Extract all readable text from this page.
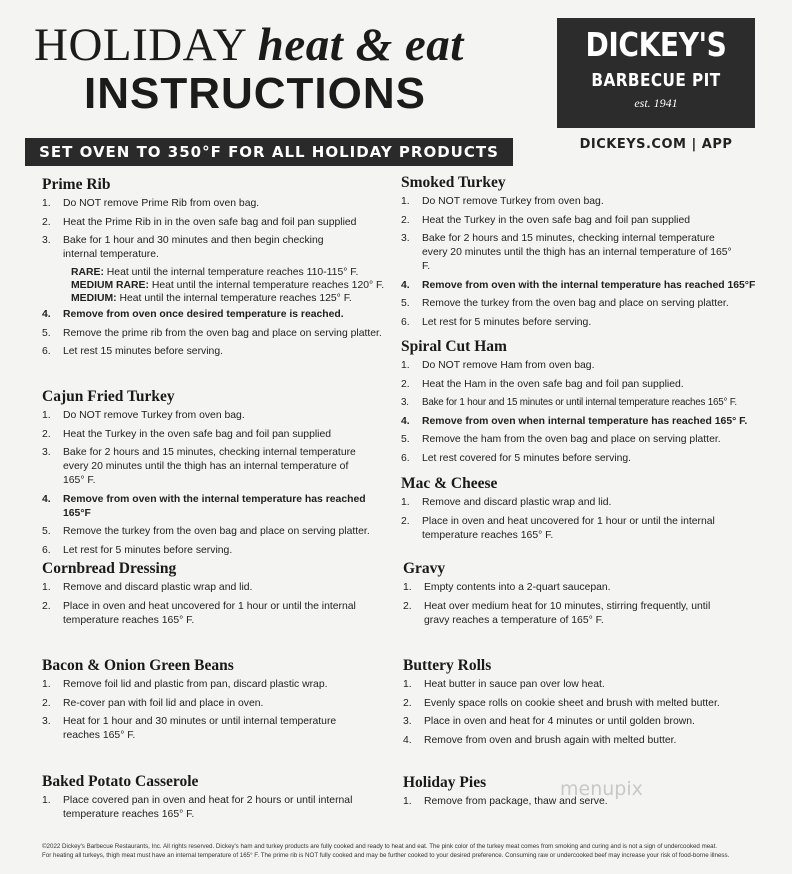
HOLIDAY heat & eat
INSTRUCTIONS
SET OVEN TO 350°F FOR ALL HOLIDAY PRODUCTS
DICKEY'S
BARBECUE PIT
est. 1941
DICKEYS.COM | APP
Prime Rib
1. Do NOT remove Prime Rib from oven bag.
2. Heat the Prime Rib in in the oven safe bag and foil pan supplied
3. Bake for 1 hour and 30 minutes and then begin checking internal temperature.
RARE: Heat until the internal temperature reaches 110-115° F.
MEDIUM RARE: Heat until the internal temperature reaches 120° F.
MEDIUM: Heat until the internal temperature reaches 125° F.
4. Remove from oven once desired temperature is reached.
5. Remove the prime rib from the oven bag and place on serving platter.
6. Let rest 15 minutes before serving.
Cajun Fried Turkey
1. Do NOT remove Turkey from oven bag.
2. Heat the Turkey in the oven safe bag and foil pan supplied
3. Bake for 2 hours and 15 minutes, checking internal temperature every 20 minutes until the thigh has an internal temperature of 165° F.
4. Remove from oven with the internal temperature has reached 165°F
5. Remove the turkey from the oven bag and place on serving platter.
6. Let rest for 5 minutes before serving.
Cornbread Dressing
1. Remove and discard plastic wrap and lid.
2. Place in oven and heat uncovered for 1 hour or until the internal temperature reaches 165° F.
Bacon & Onion Green Beans
1. Remove foil lid and plastic from pan, discard plastic wrap.
2. Re-cover pan with foil lid and place in oven.
3. Heat for 1 hour and 30 minutes or until internal temperature reaches 165° F.
Baked Potato Casserole
1. Place covered pan in oven and heat for 2 hours or until internal temperature reaches 165° F.
Smoked Turkey
1. Do NOT remove Turkey from oven bag.
2. Heat the Turkey in the oven safe bag and foil pan supplied
3. Bake for 2 hours and 15 minutes, checking internal temperature every 20 minutes until the thigh has an internal temperature of 165° F.
4. Remove from oven with the internal temperature has reached 165°F
5. Remove the turkey from the oven bag and place on serving platter.
6. Let rest for 5 minutes before serving.
Spiral Cut Ham
1. Do NOT remove Ham from oven bag.
2. Heat the Ham in the oven safe bag and foil pan supplied.
3. Bake for 1 hour and 15 minutes or until internal temperature reaches 165° F.
4. Remove from oven when internal temperature has reached 165° F.
5. Remove the ham from the oven bag and place on serving platter.
6. Let rest covered for 5 minutes before serving.
Mac & Cheese
1. Remove and discard plastic wrap and lid.
2. Place in oven and heat uncovered for 1 hour or until the internal temperature reaches 165° F.
Gravy
1. Empty contents into a 2-quart saucepan.
2. Heat over medium heat for 10 minutes, stirring frequently, until gravy reaches a temperature of 165° F.
Buttery Rolls
1. Heat butter in sauce pan over low heat.
2. Evenly space rolls on cookie sheet and brush with melted butter.
3. Place in oven and heat for 4 minutes or until golden brown.
4. Remove from oven and brush again with melted butter.
Holiday Pies
1. Remove from package, thaw and serve.
menupix
©2022 Dickey's Barbecue Restaurants, Inc. All rights reserved. Dickey's ham and turkey products are fully cooked and ready to heat and eat. The pink color of the turkey meat comes from smoking and curing and is not a sign of undercooked meat.
For heating all turkeys, thigh meat must have an internal temperature of 165° F. The prime rib is NOT fully cooked and may be further cooked to your desired preference. Consuming raw or undercooked beef may increase your risk of food-borne illness.
